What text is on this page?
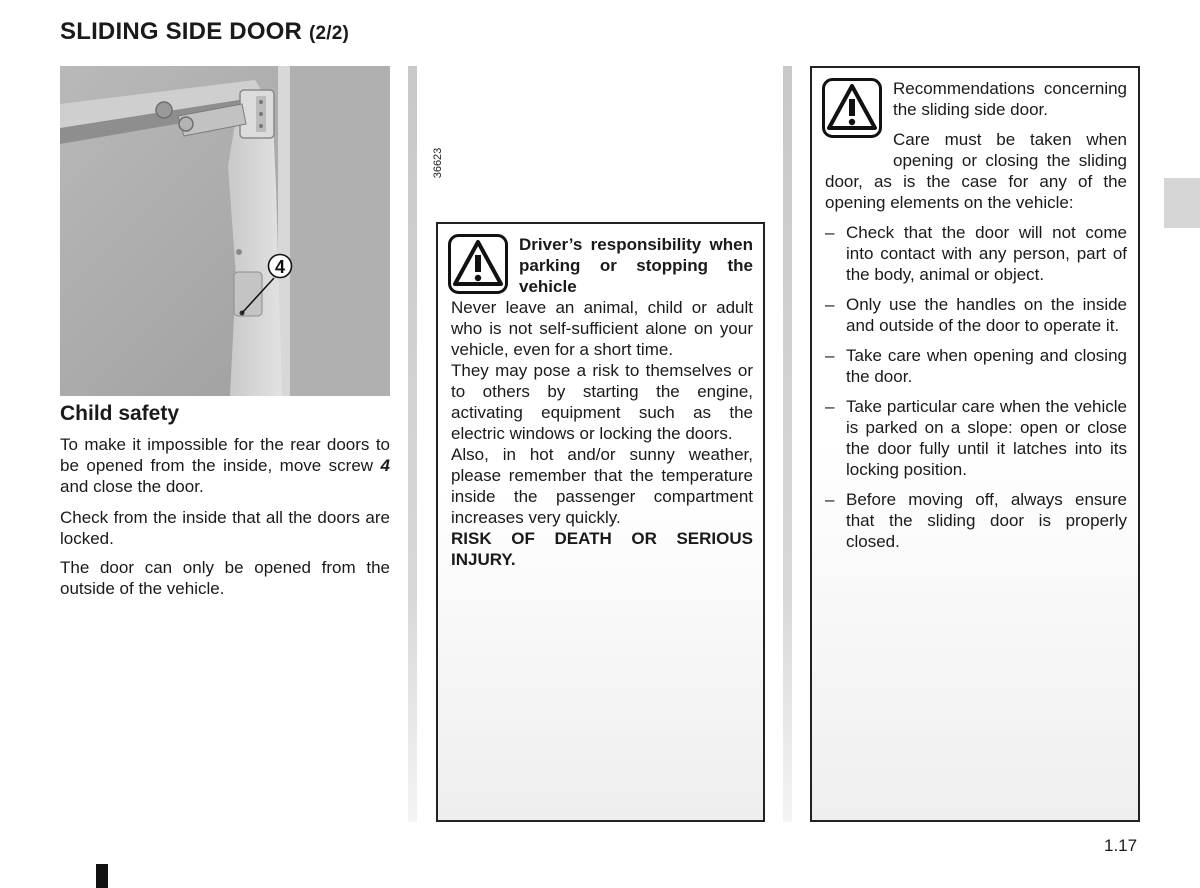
SLIDING SIDE DOOR (2/2)
4
36623
Child safety

To make it impossible for the rear doors to be opened from the inside, move screw 4 and close the door.

Check from the inside that all the doors are locked.

The door can only be opened from the outside of the vehicle.

Driver’s responsibility when parking or stopping the vehicle
Never leave an animal, child or adult who is not self-sufficient alone on your vehicle, even for a short time.
They may pose a risk to themselves or to others by starting the engine, activating equipment such as the electric windows or locking the doors.
Also, in hot and/or sunny weather, please remember that the temperature inside the passenger compartment increases very quickly.
RISK OF DEATH OR SERIOUS INJURY.

Recommendations concerning the sliding side door.

Care must be taken when opening or closing the sliding door, as is the case for any of the opening elements on the vehicle:

– Check that the door will not come into contact with any person, part of the body, animal or object.
– Only use the handles on the inside and outside of the door to operate it.
– Take care when opening and closing the door.
– Take particular care when the vehicle is parked on a slope: open or close the door fully until it latches into its locking position.
– Before moving off, always ensure that the sliding door is properly closed.
1.17
